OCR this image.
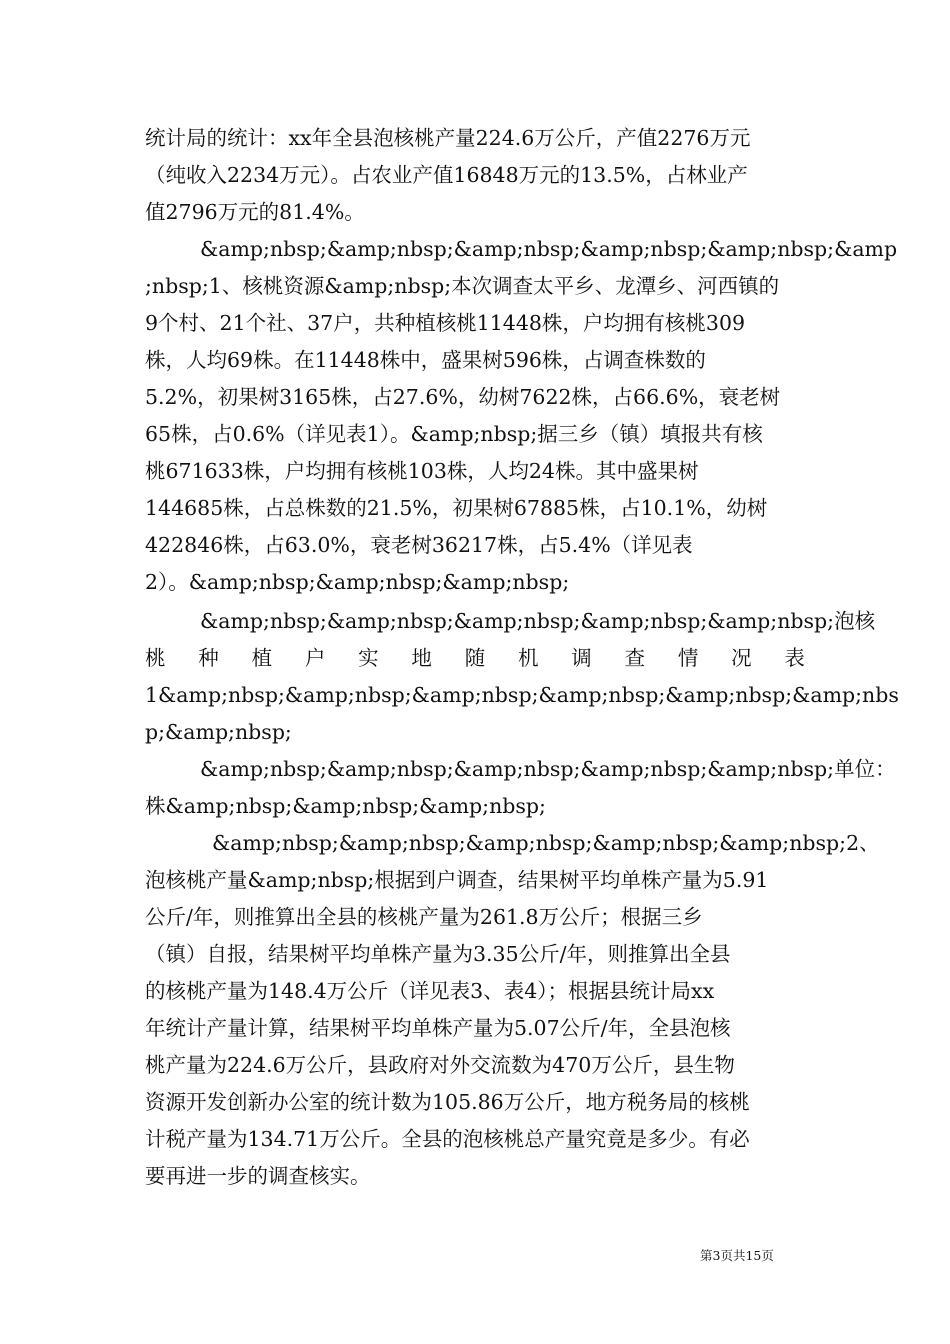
统计局的统计：xx年全县泡核桃产量224.6万公斤，产值2276万元
（纯收入2234万元）。占农业产值16848万元的13.5%，占林业产
值2796万元的81.4%。
&amp;nbsp;&amp;nbsp;&amp;nbsp;&amp;nbsp;&amp;nbsp;&amp
;nbsp;1、核桃资源&amp;nbsp;本次调查太平乡、龙潭乡、河西镇的
9个村、21个社、37户，共种植核桃11448株，户均拥有核桃309
株，人均69株。在11448株中，盛果树596株，占调查株数的
5.2%，初果树3165株，占27.6%，幼树7622株，占66.6%，衰老树
65株，占0.6%（详见表1）。&amp;nbsp;据三乡（镇）填报共有核
桃671633株，户均拥有核桃103株，人均24株。其中盛果树
144685株，占总株数的21.5%，初果树67885株，占10.1%，幼树
422846株，占63.0%，衰老树36217株，占5.4%（详见表
2）。&amp;nbsp;&amp;nbsp;&amp;nbsp;
&amp;nbsp;&amp;nbsp;&amp;nbsp;&amp;nbsp;&amp;nbsp;泡核
桃 种 植 户 实 地 随 机 调 查 情 况 表
1&amp;nbsp;&amp;nbsp;&amp;nbsp;&amp;nbsp;&amp;nbsp;&amp;nbs
p;&amp;nbsp;
&amp;nbsp;&amp;nbsp;&amp;nbsp;&amp;nbsp;&amp;nbsp;单位：
株&amp;nbsp;&amp;nbsp;&amp;nbsp;
&amp;nbsp;&amp;nbsp;&amp;nbsp;&amp;nbsp;&amp;nbsp;2、
泡核桃产量&amp;nbsp;根据到户调查，结果树平均单株产量为5.91
公斤/年，则推算出全县的核桃产量为261.8万公斤；根据三乡
（镇）自报，结果树平均单株产量为3.35公斤/年，则推算出全县
的核桃产量为148.4万公斤（详见表3、表4）；根据县统计局xx
年统计产量计算，结果树平均单株产量为5.07公斤/年，全县泡核
桃产量为224.6万公斤，县政府对外交流数为470万公斤，县生物
资源开发创新办公室的统计数为105.86万公斤，地方税务局的核桃
计税产量为134.71万公斤。全县的泡核桃总产量究竟是多少。有必
要再进一步的调查核实。
第3页共15页
